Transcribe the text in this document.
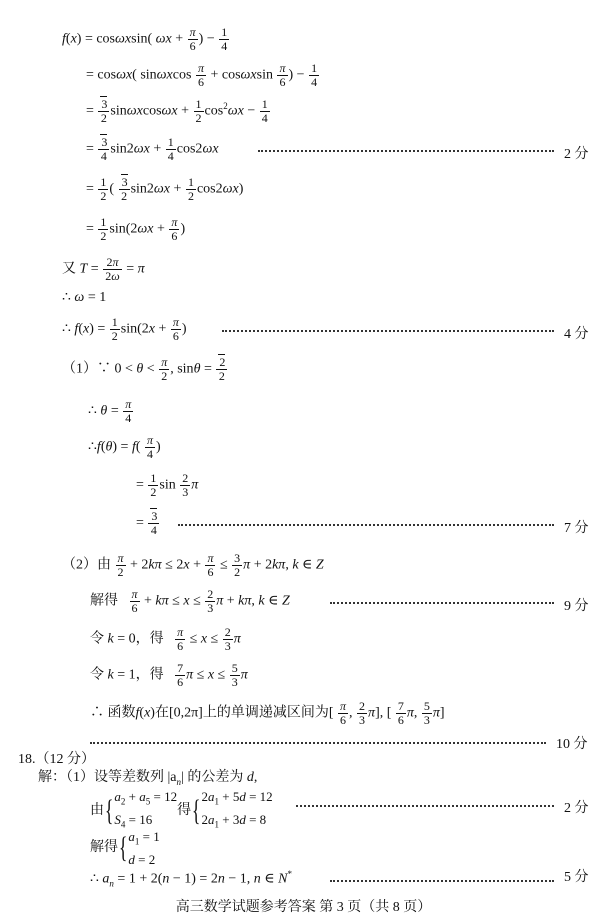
f(x) = cosωxsin( $\omega x + \frac{\pi}{6}$ ) − $\frac{1}{4}$
= cosωx( sinωxcos $\frac{\pi}{6} + \cos\omega xsin \frac{\pi}{6}$ ) − $\frac{1}{4}$
= $\frac{3}{2}$ $\sin\omega xcos\omega x + \frac{1}{2} \cos^2\omega x - \frac{1}{4}$
= $\frac{3}{4} \sin 2\omega x + \frac{1}{4} \cos 2\omega x$	2 分
= $\frac{1}{2}$ ( $\frac{3}{2} \sin 2\omega x + \frac{1}{2} \cos 2\omega x$)
= $\frac{1}{2} \sin(2\omega x + \frac{\pi}{6}$ )
又 $T = \frac{2\pi}{2\omega} = \pi$
∴ ω = 1
∴ $f(x) = \frac{1}{2} \sin(2x + \frac{\pi}{6}$ )	4 分
（1）∵ $0 < \theta < \frac{\pi}{2}$ , $\sin\theta = \frac{2}{2}$
∴ $\theta = \frac{\pi}{4}$
∴f(θ) = $f( \frac{\pi}{4}$ )
= $\frac{1}{2}$ $\sin \frac{2}{3}$ π
= $\frac{3}{4}$	7 分
（2）由 $\frac{\pi}{2} + 2k\pi \le 2x + \frac{\pi}{6} \le \frac{3}{2}$ π + 2kπ, k ∈ Z
解得 $\frac{\pi}{6} + k\pi \le x \le \frac{2}{3}$ π + kπ, k ∈ Z	9 分
令 k = 0，得 $\frac{\pi}{6} \le x \le \frac{2}{3}$ π
令 k = 1，得 $\frac{7}{6}$ $\pi \le x \le \frac{5}{3}$ π
∴ 函数f(x)在[0,2π]上的单调递减区间为[ $\frac{\pi}{6}$ , $\frac{2}{3} \pi$], [ $\frac{7}{6} \pi$, $\frac{5}{3} \pi$]
10 分
18.（12 分）
解：（1）设等差数列 $|a_n|$ 的公差为 d,
由{$a_2 + a_5 = 12$
$S_4 = 16$得{$2a_1 + 5d = 12$
$2a_1 + 3d = 8$
2 分
解得{$a_1 = 1$
d = 2
∴ $a_n = 1 + 2(n - 1) = 2n - 1$, n ∈ N*	5 分
高三数学试题参考答案 第 3 页（共 8 页）
